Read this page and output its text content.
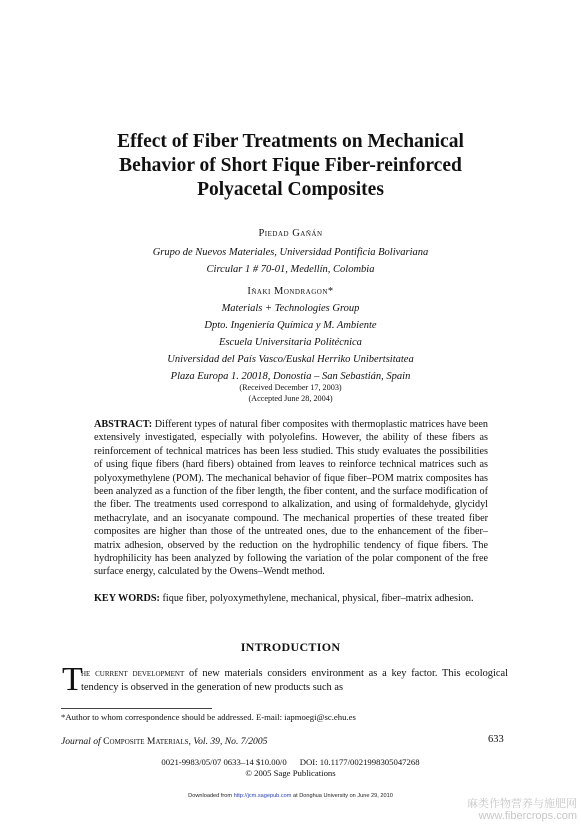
Effect of Fiber Treatments on Mechanical
Behavior of Short Fique Fiber-reinforced
Polyacetal Composites
Piedad Gañán
Grupo de Nuevos Materiales, Universidad Pontificia Bolivariana
Circular 1 # 70-01, Medellín, Colombia
Iñaki Mondragon*
Materials + Technologies Group
Dpto. Ingeniería Química y M. Ambiente
Escuela Universitaria Politécnica
Universidad del País Vasco/Euskal Herriko Unibertsitatea
Plaza Europa 1. 20018, Donostia – San Sebastián, Spain
(Received December 17, 2003)
(Accepted June 28, 2004)
ABSTRACT: Different types of natural fiber composites with thermoplastic matrices have been extensively investigated, especially with polyolefins. However, the ability of these fibers as reinforcement of technical matrices has been less studied. This study evaluates the possibilities of using fique fibers (hard fibers) obtained from leaves to reinforce technical matrices such as polyoxymethylene (POM). The mechanical behavior of fique fiber–POM matrix composites has been analyzed as a function of the fiber length, the fiber content, and the surface modification of the fiber. The treatments used correspond to alkalization, and using of formaldehyde, glycidyl methacrylate, and an isocyanate compound. The mechanical properties of these treated fiber composites are higher than those of the untreated ones, due to the enhancement of the fiber–matrix adhesion, observed by the reduction on the hydrophilic tendency of fique fibers. The hydrophilicity has been analyzed by following the variation of the polar component of the free surface energy, calculated by the Owens–Wendt method.
KEY WORDS: fique fiber, polyoxymethylene, mechanical, physical, fiber–matrix adhesion.
INTRODUCTION
T
he current development of new materials considers environment as a key factor. This ecological tendency is observed in the generation of new products such as
*Author to whom correspondence should be addressed. E-mail: iapmoegi@sc.ehu.es
Journal of Composite Materials, Vol. 39, No. 7/2005	633
0021-9983/05/07 0633–14 $10.00/0      DOI: 10.1177/0021998305047268
© 2005 Sage Publications
Downloaded from http://jcm.sagepub.com at Donghua University on June 29, 2010
麻类作物营养与施肥网
www.fibercrops.com
